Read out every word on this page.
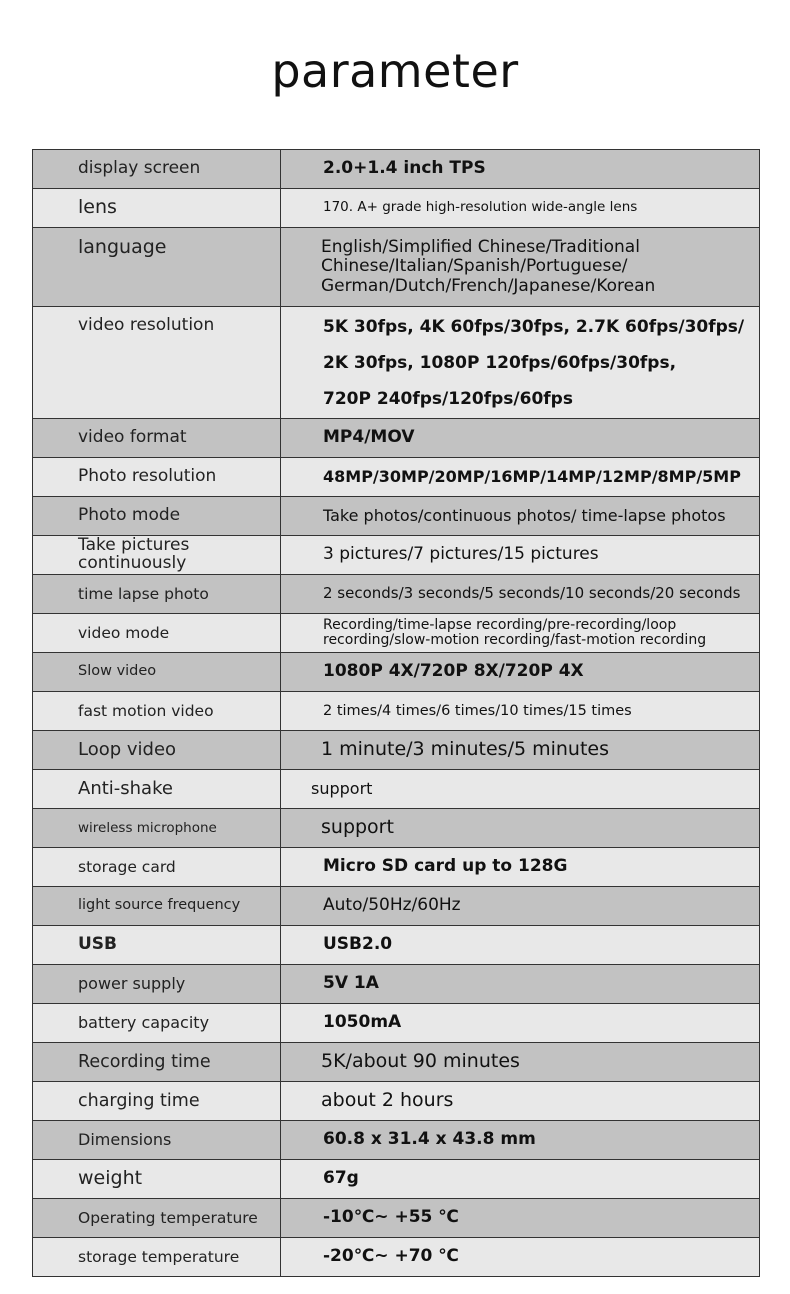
parameter
display screen	2.0+1.4 inch TPS
lens	170. A+ grade high-resolution wide-angle lens
language	English/Simplified Chinese/Traditional Chinese/Italian/Spanish/Portuguese/ German/Dutch/French/Japanese/Korean
video resolution	5K 30fps, 4K 60fps/30fps, 2.7K 60fps/30fps/
2K 30fps, 1080P 120fps/60fps/30fps,
720P 240fps/120fps/60fps

video format	MP4/MOV
Photo resolution	48MP/30MP/20MP/16MP/14MP/12MP/8MP/5MP
Photo mode	Take photos/continuous photos/ time-lapse photos
Take pictures continuously	3 pictures/7 pictures/15 pictures
time lapse photo	2 seconds/3 seconds/5 seconds/10 seconds/20 seconds
video mode	Recording/time-lapse recording/pre-recording/loop recording/slow-motion recording/fast-motion recording
Slow video	1080P 4X/720P 8X/720P 4X
fast motion video	2 times/4 times/6 times/10 times/15 times
Loop video	1 minute/3 minutes/5 minutes
Anti-shake	support
wireless microphone	support
storage card	Micro SD card up to 128G
light source frequency	Auto/50Hz/60Hz
USB	USB2.0
power supply	5V 1A
battery capacity	1050mA
Recording time	5K/about 90 minutes
charging time	about 2 hours
Dimensions	60.8 x 31.4 x 43.8 mm
weight	67g
Operating temperature	-10℃~ +55 ℃
storage temperature	-20℃~ +70 ℃
